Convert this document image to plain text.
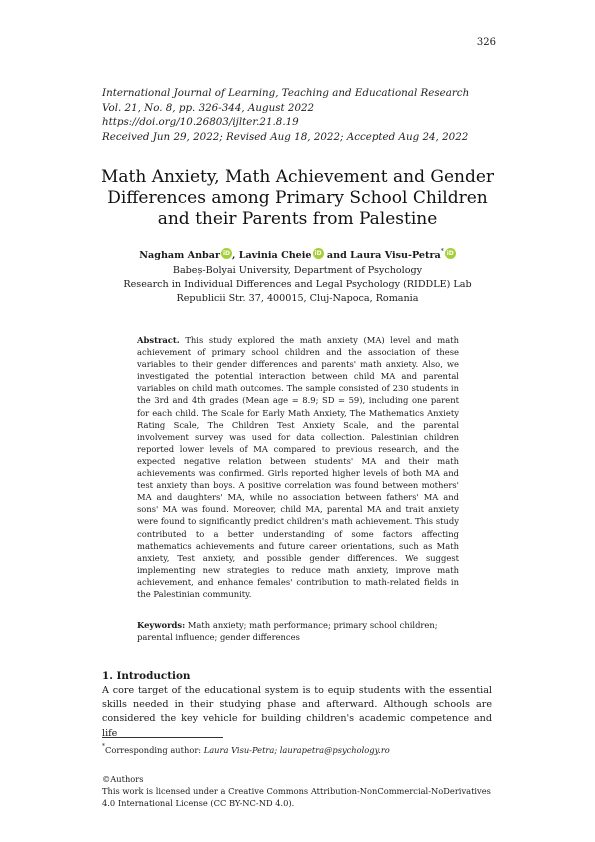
326
International Journal of Learning, Teaching and Educational Research
Vol. 21, No. 8, pp. 326-344, August 2022
https://doi.org/10.26803/ijlter.21.8.19
Received Jun 29, 2022; Revised Aug 18, 2022; Accepted Aug 24, 2022
Math Anxiety, Math Achievement and Gender Differences among Primary School Children and their Parents from Palestine
Nagham Anbar iD , Lavinia Cheie iD and Laura Visu-Petra* iD
Babeș-Bolyai University, Department of Psychology
Research in Individual Differences and Legal Psychology (RIDDLE) Lab
Republicii Str. 37, 400015, Cluj-Napoca, Romania
Abstract. This study explored the math anxiety (MA) level and math achievement of primary school children and the association of these variables to their gender differences and parents' math anxiety. Also, we investigated the potential interaction between child MA and parental variables on child math outcomes. The sample consisted of 230 students in the 3rd and 4th grades (Mean age = 8.9; SD = 59), including one parent for each child. The Scale for Early Math Anxiety, The Mathematics Anxiety Rating Scale, The Children Test Anxiety Scale, and the parental involvement survey was used for data collection. Palestinian children reported lower levels of MA compared to previous research, and the expected negative relation between students' MA and their math achievements was confirmed. Girls reported higher levels of both MA and test anxiety than boys. A positive correlation was found between mothers' MA and daughters' MA, while no association between fathers' MA and sons' MA was found. Moreover, child MA, parental MA and trait anxiety were found to significantly predict children's math achievement. This study contributed to a better understanding of some factors affecting mathematics achievements and future career orientations, such as Math anxiety, Test anxiety, and possible gender differences. We suggest implementing new strategies to reduce math anxiety, improve math achievement, and enhance females' contribution to math-related fields in the Palestinian community.
Keywords: Math anxiety; math performance; primary school children; parental influence; gender differences
1. Introduction
A core target of the educational system is to equip students with the essential skills needed in their studying phase and afterward. Although schools are considered the key vehicle for building children's academic competence and life
*Corresponding author: Laura Visu-Petra; laurapetra@psychology.ro
©Authors
This work is licensed under a Creative Commons Attribution-NonCommercial-NoDerivatives 4.0 International License (CC BY-NC-ND 4.0).
